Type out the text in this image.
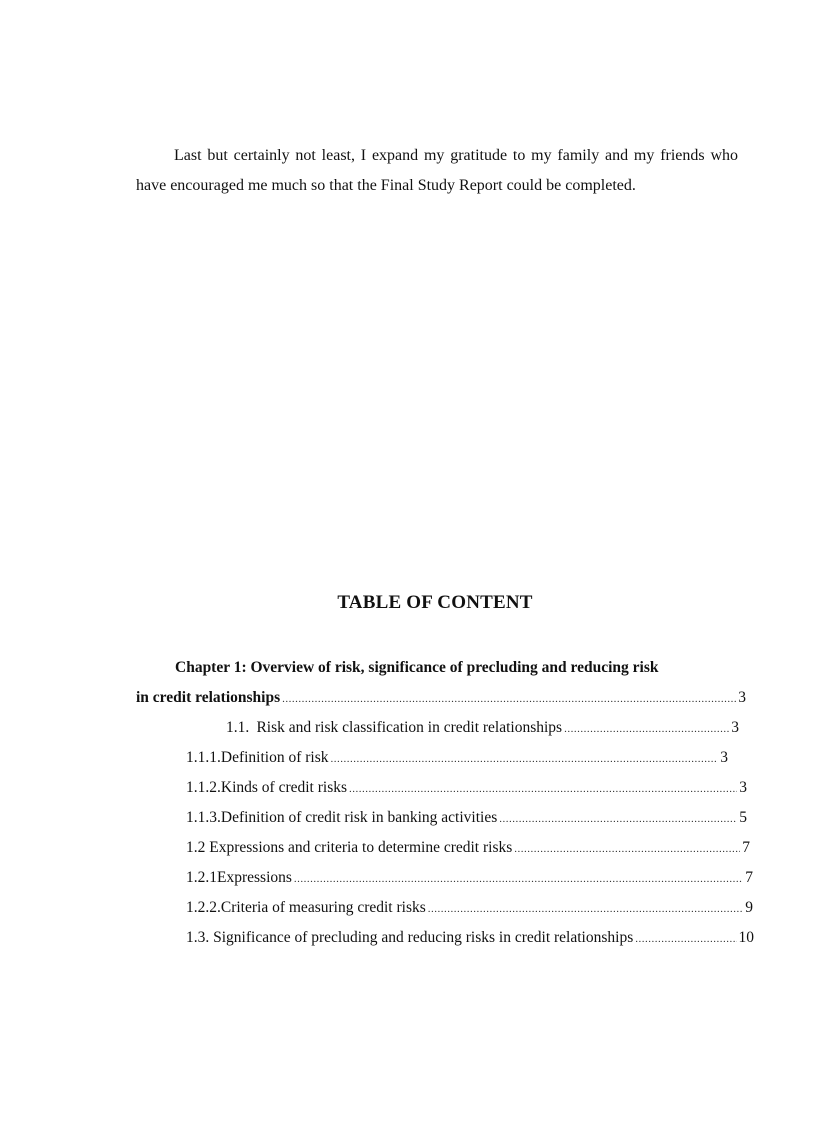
Last but certainly not least, I expand my gratitude to my family and my friends who have encouraged me much so that the Final Study Report could be completed.

TABLE OF CONTENT

Chapter 1: Overview of risk, significance of precluding and reducing risk

in credit relationships .....	3
1.1. Risk and risk classification in credit relationships .....	3
1.1.1.Definition of risk .....	3
1.1.2.Kinds of credit risks .....	3
1.1.3.Definition of credit risk in banking activities .....	5
1.2 Expressions and criteria to determine credit risks .....	7
1.2.1Expressions .....	7
1.2.2.Criteria of measuring credit risks .....	9
1.3. Significance of precluding and reducing risks in credit relationships .....	10
